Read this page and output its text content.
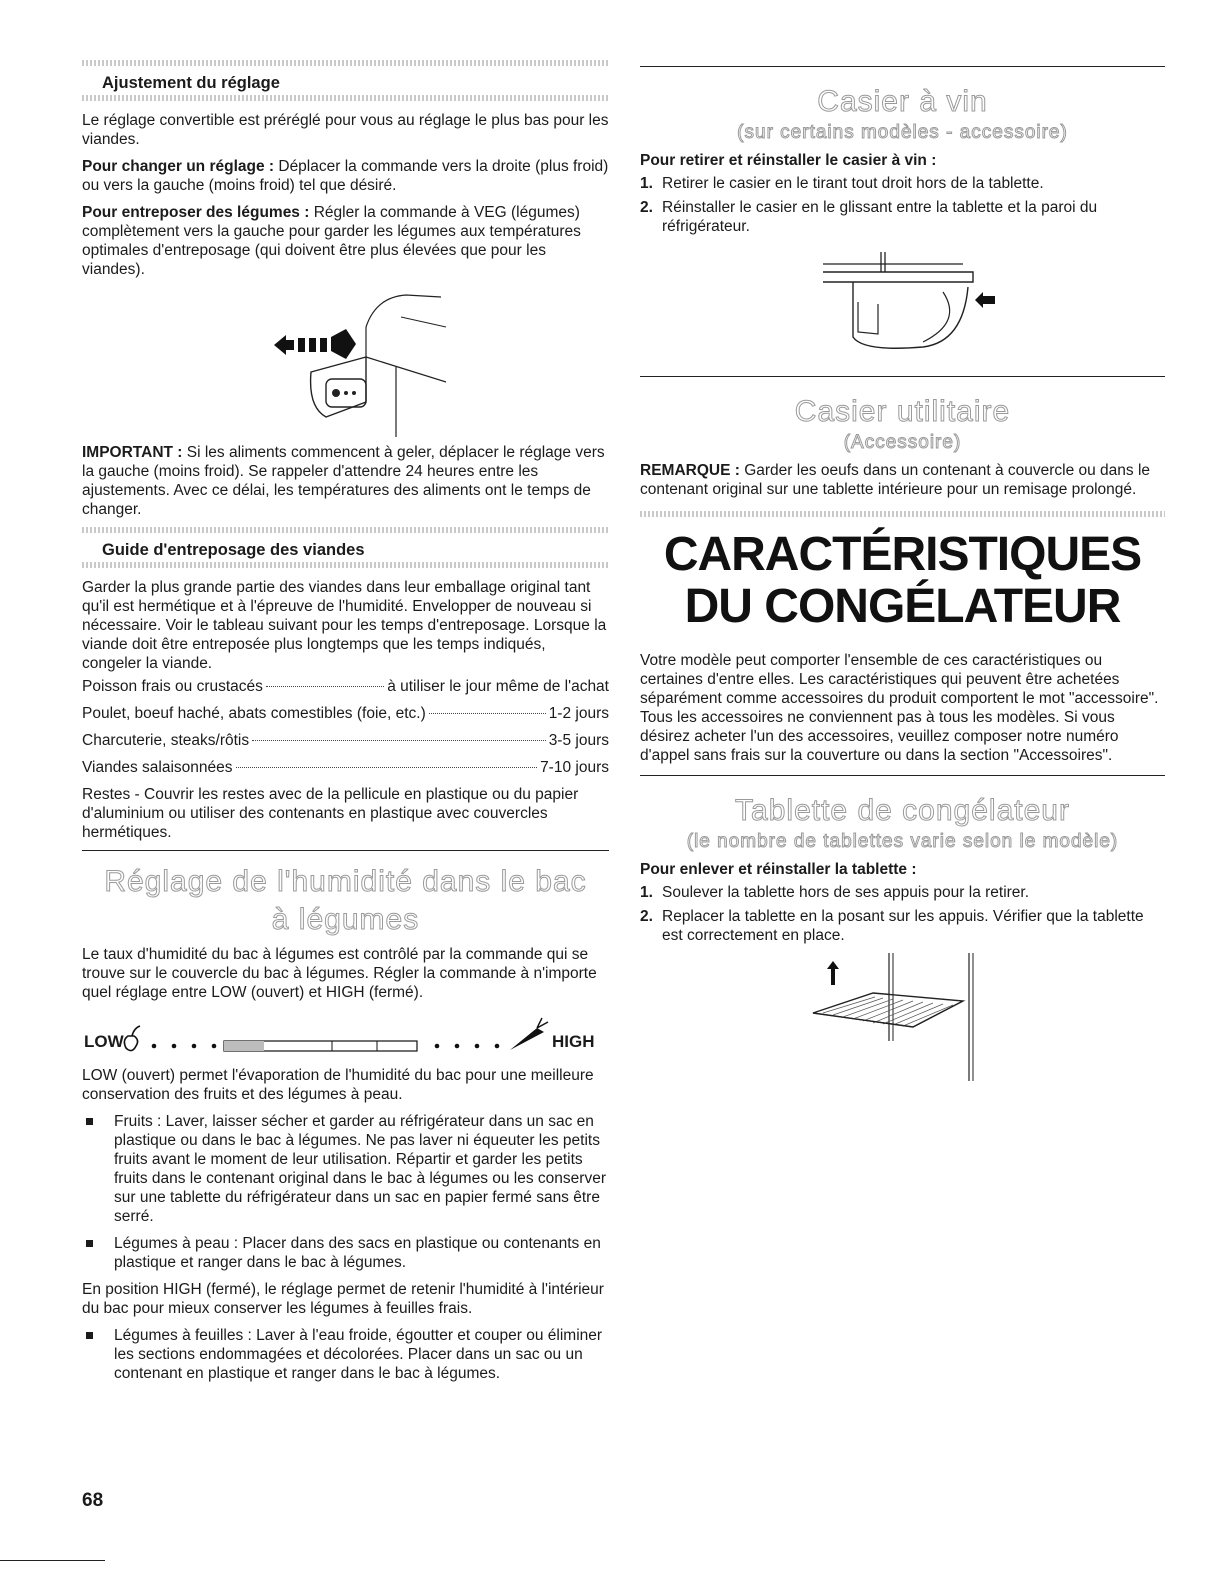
Ajustement du réglage

Le réglage convertible est préréglé pour vous au réglage le plus bas pour les viandes.

Pour changer un réglage : Déplacer la commande vers la droite (plus froid) ou vers la gauche (moins froid) tel que désiré.

Pour entreposer des légumes : Régler la commande à VEG (légumes) complètement vers la gauche pour garder les légumes aux températures optimales d'entreposage (qui doivent être plus élevées que pour les viandes).

IMPORTANT : Si les aliments commencent à geler, déplacer le réglage vers la gauche (moins froid). Se rappeler d'attendre 24 heures entre les ajustements. Avec ce délai, les températures des aliments ont le temps de changer.

Guide d'entreposage des viandes

Garder la plus grande partie des viandes dans leur emballage original tant qu'il est hermétique et à l'épreuve de l'humidité. Envelopper de nouveau si nécessaire. Voir le tableau suivant pour les temps d'entreposage. Lorsque la viande doit être entreposée plus longtemps que les temps indiqués, congeler la viande.

Poisson frais ou crustacés	à utiliser le jour même de l'achat
Poulet, boeuf haché, abats comestibles (foie, etc.)	1-2 jours
Charcuterie, steaks/rôtis	3-5 jours
Viandes salaisonnées	7-10 jours

Restes - Couvrir les restes avec de la pellicule en plastique ou du papier d'aluminium ou utiliser des contenants en plastique avec couvercles hermétiques.

Réglage de l'humidité dans le bac à légumes

Le taux d'humidité du bac à légumes est contrôlé par la commande qui se trouve sur le couvercle du bac à légumes. Régler la commande à n'importe quel réglage entre LOW (ouvert) et HIGH (fermé).

LOW	HIGH

LOW (ouvert) permet l'évaporation de l'humidité du bac pour une meilleure conservation des fruits et des légumes à peau.

Fruits : Laver, laisser sécher et garder au réfrigérateur dans un sac en plastique ou dans le bac à légumes. Ne pas laver ni équeuter les petits fruits avant le moment de leur utilisation. Répartir et garder les petits fruits dans le contenant original dans le bac à légumes ou les conserver sur une tablette du réfrigérateur dans un sac en papier fermé sans être serré.
Légumes à peau : Placer dans des sacs en plastique ou contenants en plastique et ranger dans le bac à légumes.

En position HIGH (fermé), le réglage permet de retenir l'humidité à l'intérieur du bac pour mieux conserver les légumes à feuilles frais.

Légumes à feuilles : Laver à l'eau froide, égoutter et couper ou éliminer les sections endommagées et décolorées. Placer dans un sac ou un contenant en plastique et ranger dans le bac à légumes.
Casier à vin
(sur certains modèles - accessoire)

Pour retirer et réinstaller le casier à vin :

1. Retirer le casier en le tirant tout droit hors de la tablette.
2. Réinstaller le casier en le glissant entre la tablette et la paroi du réfrigérateur.
Casier utilitaire
(Accessoire)

REMARQUE : Garder les oeufs dans un contenant à couvercle ou dans le contenant original sur une tablette intérieure pour un remisage prolongé.

CARACTÉRISTIQUES
DU CONGÉLATEUR

Votre modèle peut comporter l'ensemble de ces caractéristiques ou certaines d'entre elles. Les caractéristiques qui peuvent être achetées séparément comme accessoires du produit comportent le mot "accessoire". Tous les accessoires ne conviennent pas à tous les modèles. Si vous désirez acheter l'un des accessoires, veuillez composer notre numéro d'appel sans frais sur la couverture ou dans la section "Accessoires".

Tablette de congélateur
(le nombre de tablettes varie selon le modèle)

Pour enlever et réinstaller la tablette :

1. Soulever la tablette hors de ses appuis pour la retirer.
2. Replacer la tablette en la posant sur les appuis. Vérifier que la tablette est correctement en place.
68
